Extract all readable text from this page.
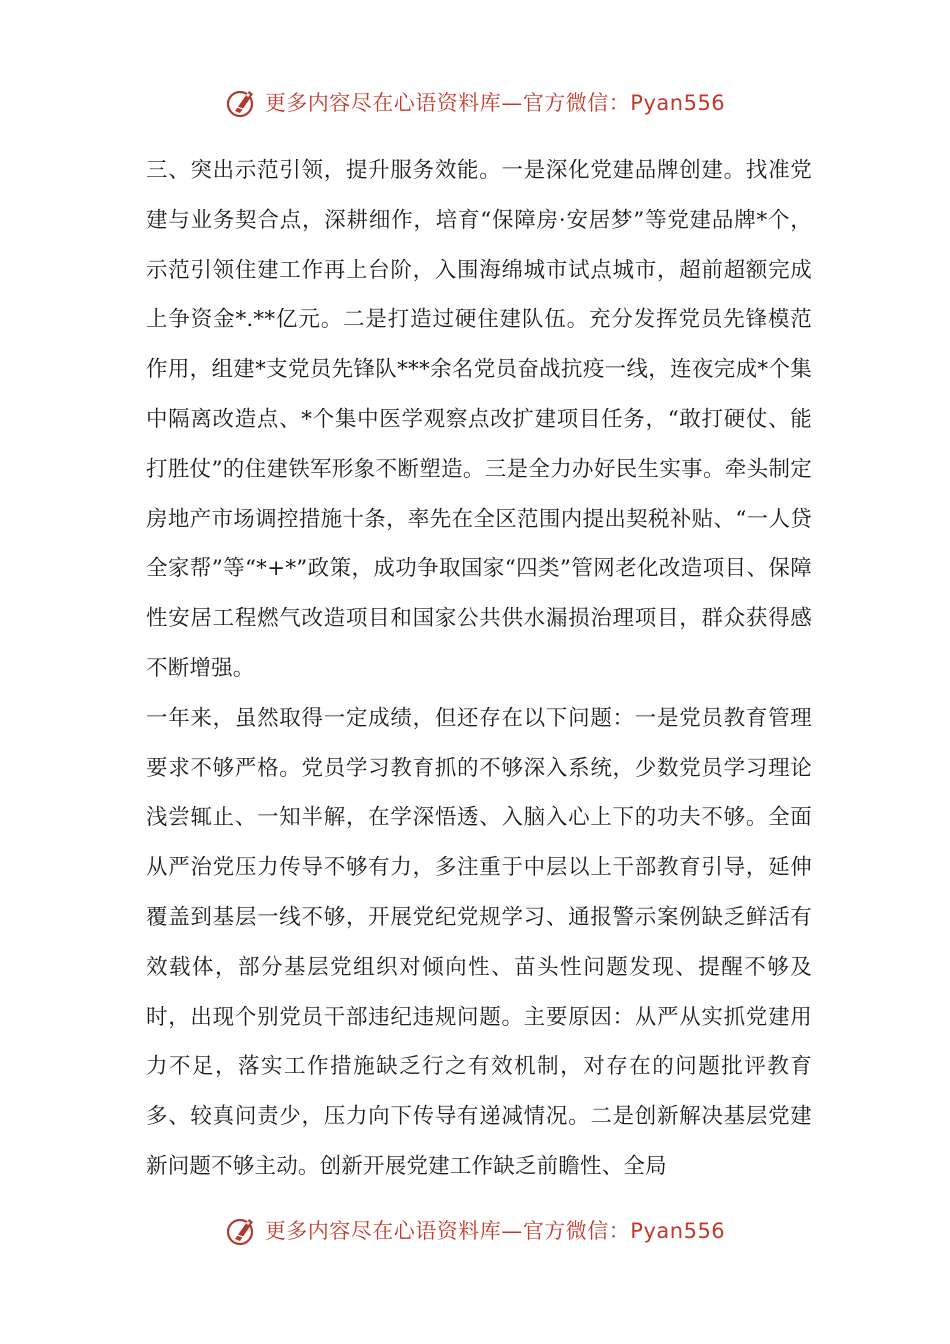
更多内容尽在心语资料库—官方微信：Pyan556

三、突出示范引领，提升服务效能。一是深化党建品牌创建。找准党建与业务契合点，深耕细作，培育“保障房·安居梦”等党建品牌*个，示范引领住建工作再上台阶，入围海绵城市试点城市，超前超额完成上争资金*.**亿元。二是打造过硬住建队伍。充分发挥党员先锋模范作用，组建*支党员先锋队***余名党员奋战抗疫一线，连夜完成*个集中隔离改造点、*个集中医学观察点改扩建项目任务，“敢打硬仗、能打胜仗”的住建铁军形象不断塑造。三是全力办好民生实事。牵头制定房地产市场调控措施十条，率先在全区范围内提出契税补贴、“一人贷全家帮”等“*+*”政策，成功争取国家“四类”管网老化改造项目、保障性安居工程燃气改造项目和国家公共供水漏损治理项目，群众获得感不断增强。

一年来，虽然取得一定成绩，但还存在以下问题：一是党员教育管理要求不够严格。党员学习教育抓的不够深入系统，少数党员学习理论浅尝辄止、一知半解，在学深悟透、入脑入心上下的功夫不够。全面从严治党压力传导不够有力，多注重于中层以上干部教育引导，延伸覆盖到基层一线不够，开展党纪党规学习、通报警示案例缺乏鲜活有效载体，部分基层党组织对倾向性、苗头性问题发现、提醒不够及时，出现个别党员干部违纪违规问题。主要原因：从严从实抓党建用力不足，落实工作措施缺乏行之有效机制，对存在的问题批评教育多、较真问责少，压力向下传导有递减情况。二是创新解决基层党建新问题不够主动。创新开展党建工作缺乏前瞻性、全局

更多内容尽在心语资料库—官方微信：Pyan556
